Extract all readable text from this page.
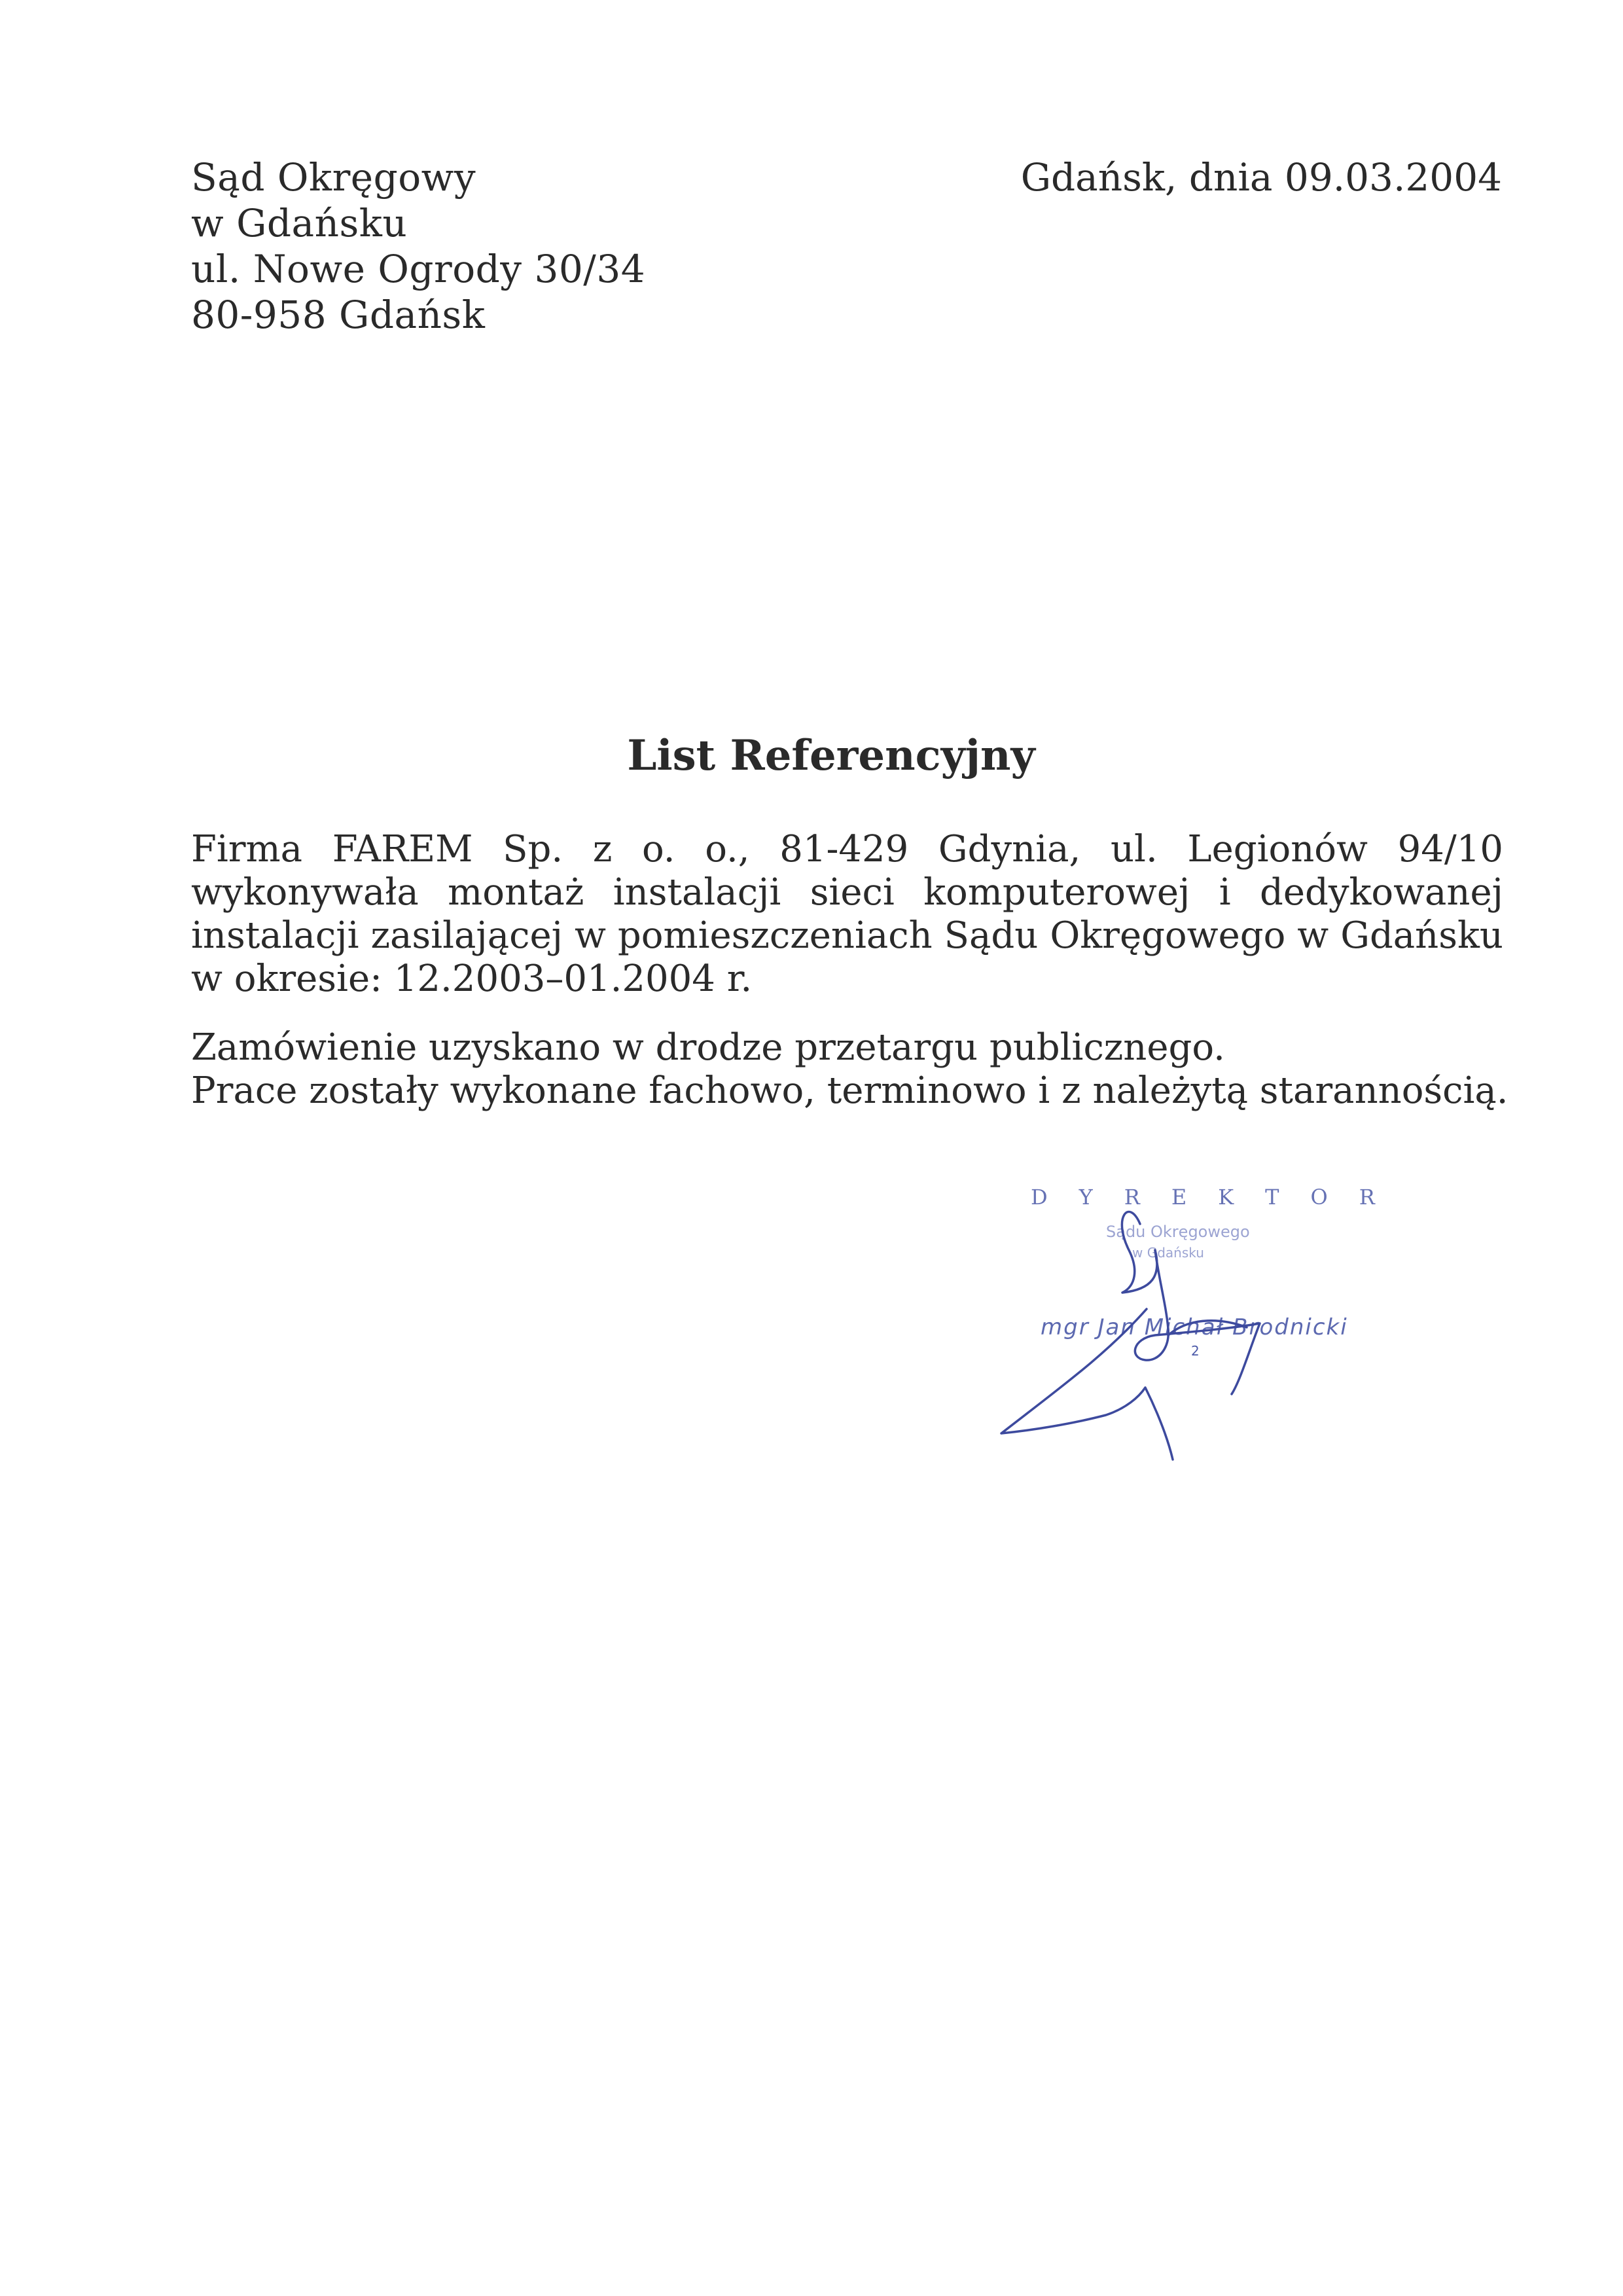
Sąd Okręgowy
w Gdańsku
ul. Nowe Ogrody 30/34
80-958 Gdańsk
Gdańsk, dnia 09.03.2004
List Referencyjny
Firma FAREM Sp. z o. o., 81-429 Gdynia, ul. Legionów 94/10 wykonywała montaż instalacji sieci komputerowej i dedykowanej instalacji zasilającej w pomieszczeniach Sądu Okręgowego w Gdańsku w okresie: 12.2003–01.2004 r.
Zamówienie uzyskano w drodze przetargu publicznego.
Prace zostały wykonane fachowo, terminowo i z należytą starannością.
DYREKTOR
Sądu Okręgowego
w Gdańsku
mgr Jan Michał Brodnicki
2
